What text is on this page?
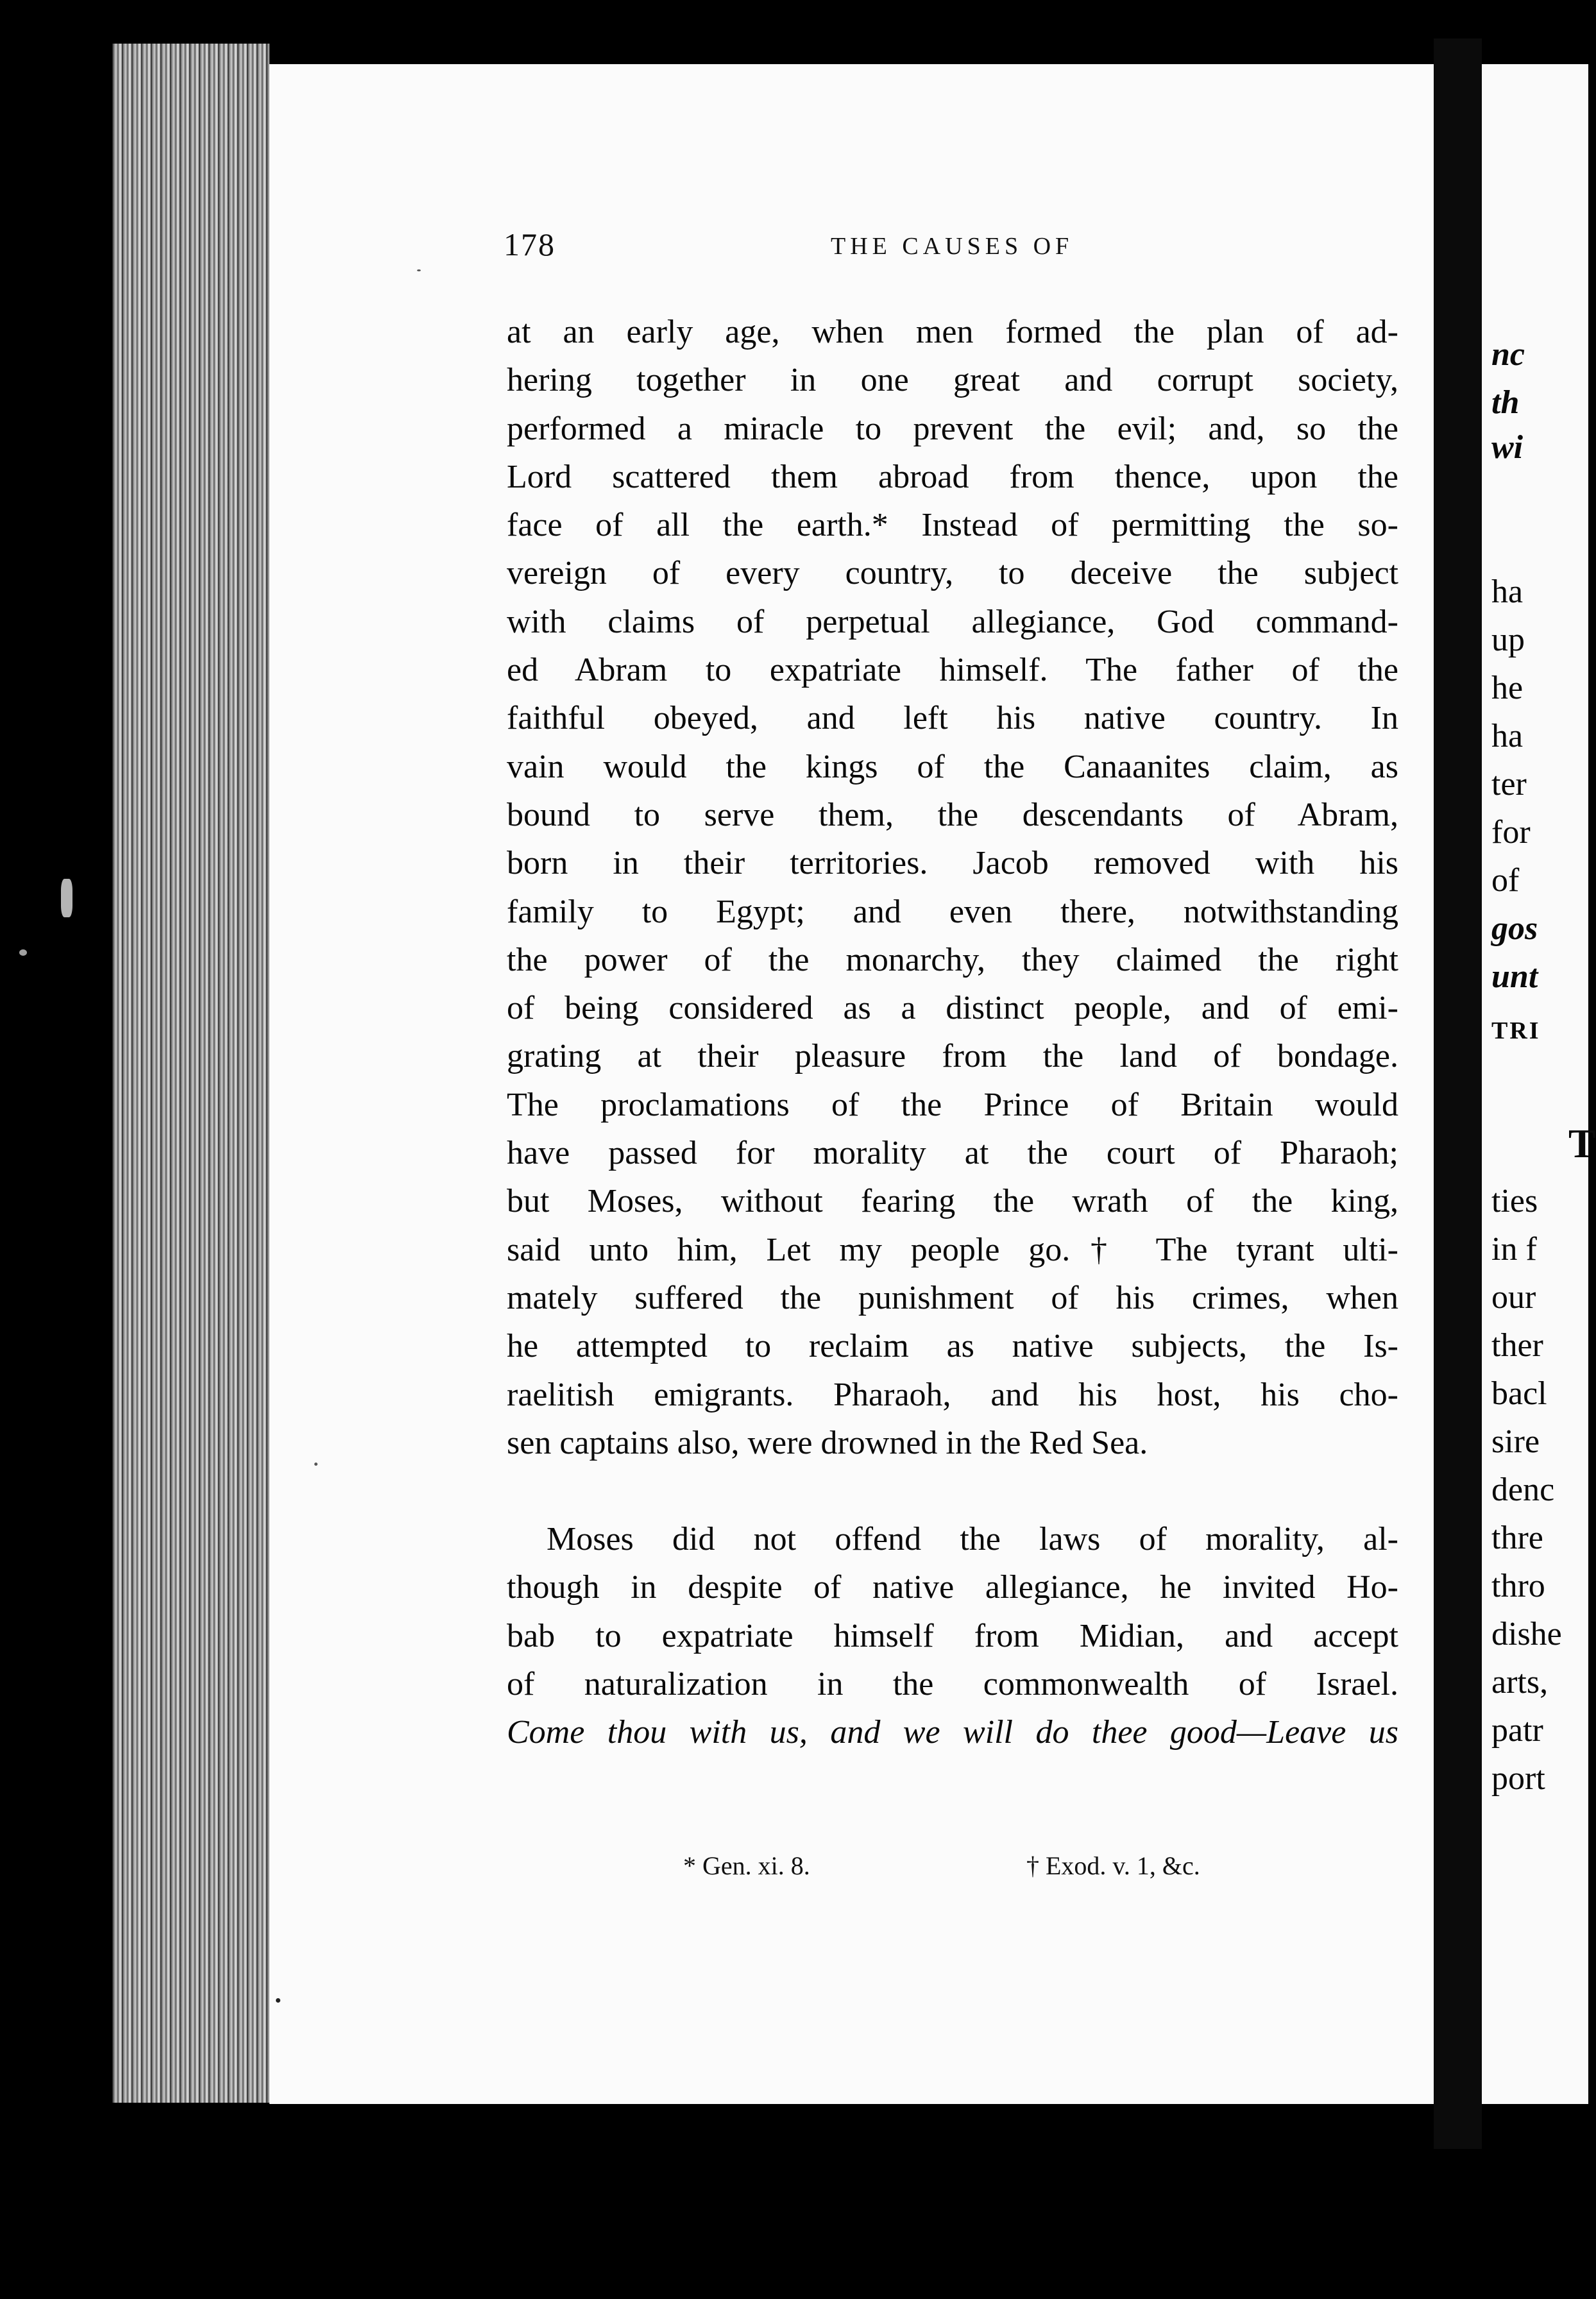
178	THE CAUSES OF
at an early age, when men formed the plan of ad-
hering together in one great and corrupt society,
performed a miracle to prevent the evil; and, so the
Lord scattered them abroad from thence, upon the
face of all the earth.* Instead of permitting the so-
vereign of every country, to deceive the subject
with claims of perpetual allegiance, God command-
ed Abram to expatriate himself. The father of the
faithful obeyed, and left his native country. In
vain would the kings of the Canaanites claim, as
bound to serve them, the descendants of Abram,
born in their territories. Jacob removed with his
family to Egypt; and even there, notwithstanding
the power of the monarchy, they claimed the right
of being considered as a distinct people, and of emi-
grating at their pleasure from the land of bondage.
The proclamations of the Prince of Britain would
have passed for morality at the court of Pharaoh;
but Moses, without fearing the wrath of the king,
said unto him, Let my people go.† The tyrant ulti-
mately suffered the punishment of his crimes, when
he attempted to reclaim as native subjects, the Is-
raelitish emigrants. Pharaoh, and his host, his cho-
sen captains also, were drowned in the Red Sea.
Moses did not offend the laws of morality, al-
though in despite of native allegiance, he invited Ho-
bab to expatriate himself from Midian, and accept
of naturalization in the commonwealth of Israel.
Come thou with us, and we will do thee good—Leave us
* Gen. xi. 8.	† Exod. v. 1, &c.
nc
th
wi
ha
up
he
ha
ter
for
of
gos
unt
TRI
T
ties
in f
our
ther
bacl
sire
denc
thre
thro
dishe
arts,
patr
port
